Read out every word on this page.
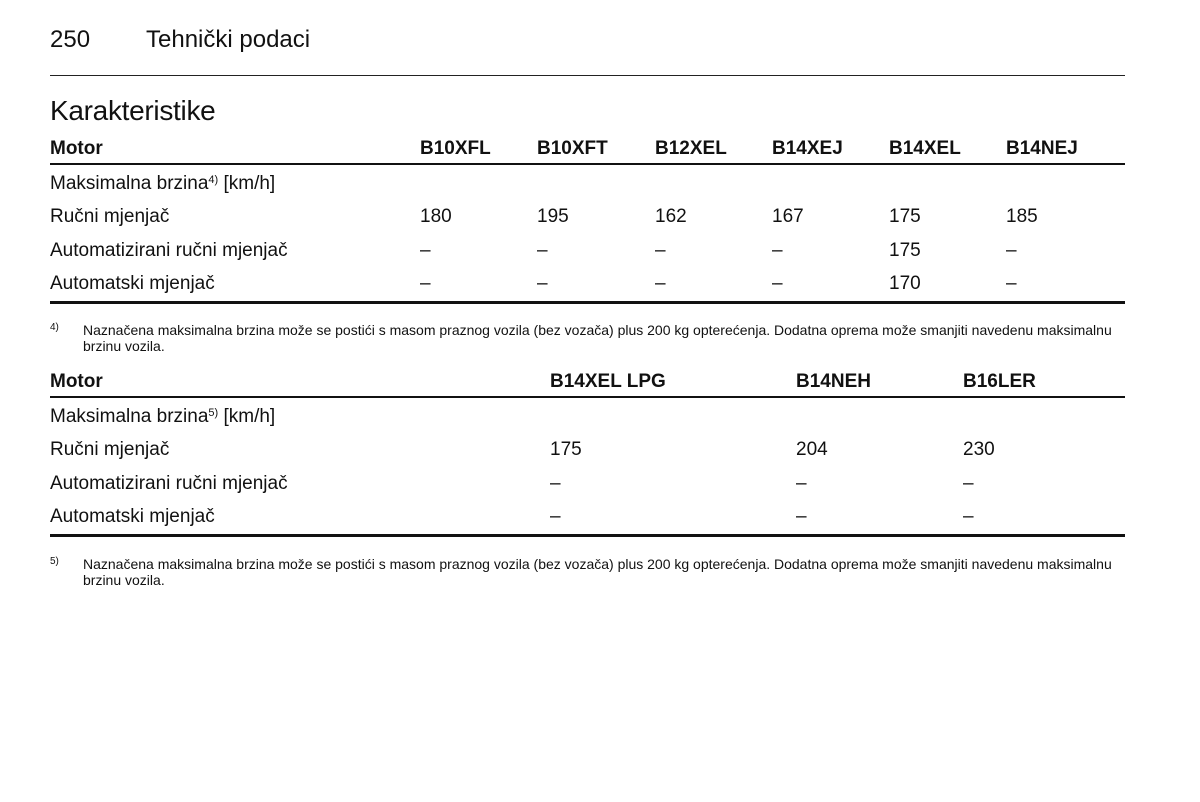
250 Tehnički podaci
Karakteristike
Motor	B10XFL	B10XFT	B12XEL	B14XEJ	B14XEL	B14NEJ
Maksimalna brzina$^{4)}$ [km/h]						
Ručni mjenjač	180	195	162	167	175	185
Automatizirani ručni mjenjač	–	–	–	–	175	–
Automatski mjenjač	–	–	–	–	170	–
4) Naznačena maksimalna brzina može se postići s masom praznog vozila (bez vozača) plus 200 kg opterećenja. Dodatna oprema može smanjiti navedenu maksimalnu brzinu vozila.
Motor	B14XEL LPG	B14NEH	B16LER
Maksimalna brzina$^{5)}$ [km/h]			
Ručni mjenjač	175	204	230
Automatizirani ručni mjenjač	–	–	–
Automatski mjenjač	–	–	–
5) Naznačena maksimalna brzina može se postići s masom praznog vozila (bez vozača) plus 200 kg opterećenja. Dodatna oprema može smanjiti navedenu maksimalnu brzinu vozila.
